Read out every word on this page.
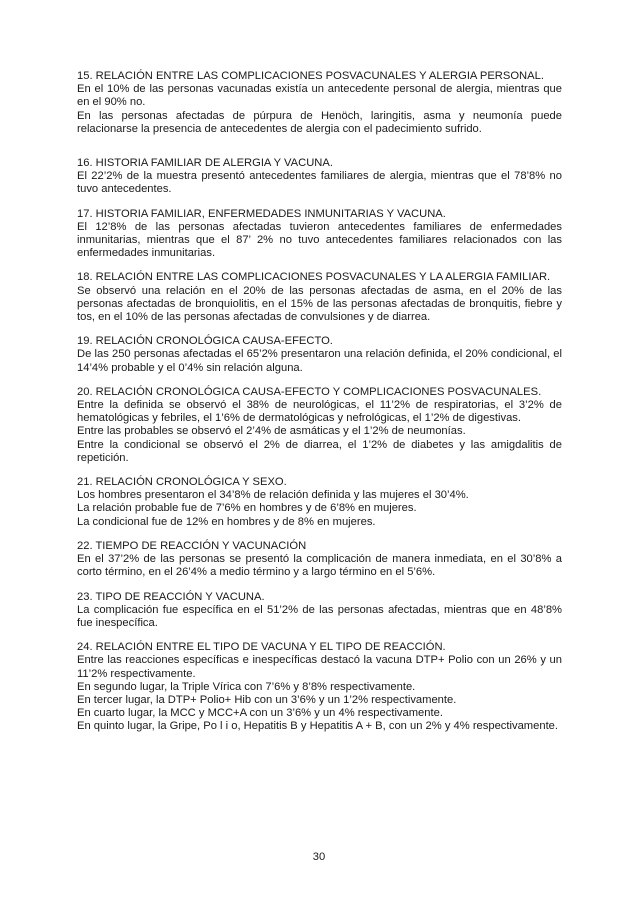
15. RELACIÓN ENTRE LAS COMPLICACIONES POSVACUNALES Y ALERGIA PERSONAL.

En el 10% de las personas vacunadas existía un antecedente personal de alergia, mientras que en el 90% no.

En las personas afectadas de púrpura de Henöch, laringitis, asma y neumonía puede relacionarse la presencia de antecedentes de alergia con el padecimiento sufrido.

16. HISTORIA FAMILIAR DE ALERGIA Y VACUNA.

El 22’2% de la muestra presentó antecedentes familiares de alergia, mientras que el 78’8% no tuvo antecedentes.

17. HISTORIA FAMILIAR, ENFERMEDADES INMUNITARIAS Y VACUNA.

El 12’8% de las personas afectadas tuvieron antecedentes familiares de enfermedades inmunitarias, mientras que el 87’ 2% no tuvo antecedentes familiares relacionados con las enfermedades inmunitarias.

18. RELACIÓN ENTRE LAS COMPLICACIONES POSVACUNALES Y LA ALERGIA FAMILIAR.

Se observó una relación en el 20% de las personas afectadas de asma, en el 20% de las personas afectadas de bronquiolitis, en el 15% de las personas afectadas de bronquitis, fiebre y tos, en el 10% de las personas afectadas de convulsiones y de diarrea.

19. RELACIÓN CRONOLÓGICA CAUSA-EFECTO.

De las 250 personas afectadas el 65’2% presentaron una relación definida, el 20% condicional, el 14’4% probable y el 0’4% sin relación alguna.

20. RELACIÓN CRONOLÓGICA CAUSA-EFECTO Y COMPLICACIONES POSVACUNALES.

Entre la definida se observó el 38% de neurológicas, el 11’2% de respiratorias, el 3’2% de hematológicas y febriles, el 1’6% de dermatológicas y nefrológicas, el 1’2% de digestivas.

Entre las probables se observó el 2’4% de asmáticas y el 1’2% de neumonías.

Entre la condicional se observó el 2% de diarrea, el 1’2% de diabetes y las amigdalitis de repetición.

21. RELACIÓN CRONOLÓGICA Y SEXO.

Los hombres presentaron el 34’8% de relación definida y las mujeres el 30’4%.

La relación probable fue de 7’6% en hombres y de 6’8% en mujeres.

La condicional fue de 12% en hombres y de 8% en mujeres.

22. TIEMPO DE REACCIÓN Y VACUNACIÓN

En el 37’2% de las personas se presentó la complicación de manera inmediata, en el 30’8% a corto término, en el 26’4% a medio término y a largo término en el 5’6%.

23. TIPO DE REACCIÓN Y VACUNA.

La complicación fue específica en el 51’2% de las personas afectadas, mientras que en 48’8% fue inespecífica.

24. RELACIÓN ENTRE EL TIPO DE VACUNA Y EL TIPO DE REACCIÓN.

Entre las reacciones específicas e inespecíficas destacó la vacuna DTP+ Polio con un 26% y un 11’2% respectivamente.

En segundo lugar, la Triple Vírica con 7’6% y 8’8% respectivamente.

En tercer lugar, la DTP+ Polio+ Hib con un 3’6% y un 1’2% respectivamente.

En cuarto lugar, la MCC y MCC+A con un 3’6% y un 4% respectivamente.

En quinto lugar, la Gripe, Po l i o, Hepatitis B y Hepatitis A + B, con un 2% y 4% respectivamente.

30
